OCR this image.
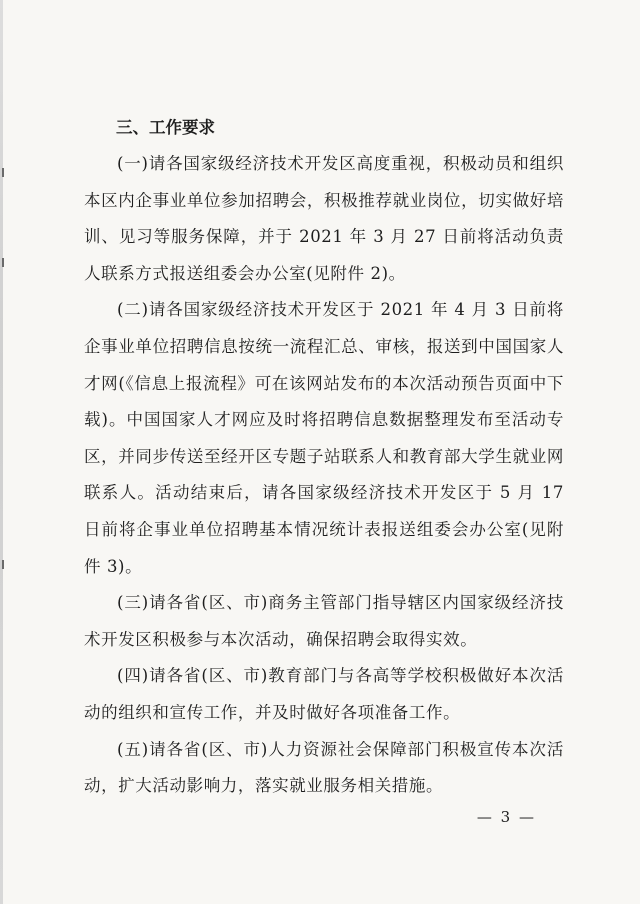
三、工作要求

(一)请各国家级经济技术开发区高度重视，积极动员和组织本区内企事业单位参加招聘会，积极推荐就业岗位，切实做好培训、见习等服务保障，并于 2021 年 3 月 27 日前将活动负责人联系方式报送组委会办公室(见附件 2)。

(二)请各国家级经济技术开发区于 2021 年 4 月 3 日前将企事业单位招聘信息按统一流程汇总、审核，报送到中国国家人才网(《信息上报流程》可在该网站发布的本次活动预告页面中下载)。中国国家人才网应及时将招聘信息数据整理发布至活动专区，并同步传送至经开区专题子站联系人和教育部大学生就业网联系人。活动结束后，请各国家级经济技术开发区于 5 月 17 日前将企事业单位招聘基本情况统计表报送组委会办公室(见附件 3)。

(三)请各省(区、市)商务主管部门指导辖区内国家级经济技术开发区积极参与本次活动，确保招聘会取得实效。

(四)请各省(区、市)教育部门与各高等学校积极做好本次活动的组织和宣传工作，并及时做好各项准备工作。

(五)请各省(区、市)人力资源社会保障部门积极宣传本次活动，扩大活动影响力，落实就业服务相关措施。

— 3 —
